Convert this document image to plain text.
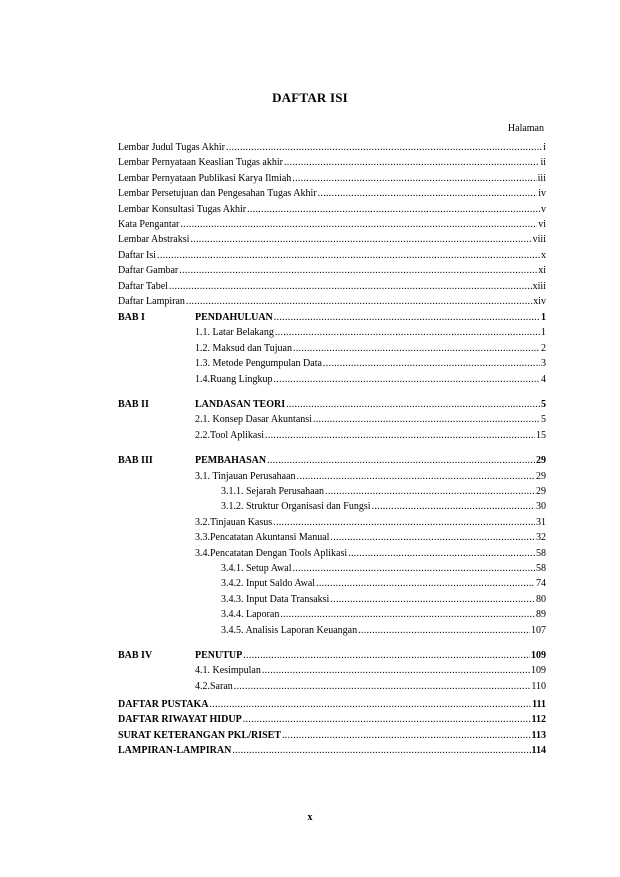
DAFTAR ISI
Halaman
Lembar Judul Tugas Akhir .....	i
Lembar Pernyataan Keaslian Tugas akhir .....	ii
Lembar Pernyataan Publikasi Karya Ilmiah .....	iii
Lembar Persetujuan dan Pengesahan Tugas Akhir .....	iv
Lembar Konsultasi Tugas Akhir .....	v
Kata Pengantar .....	vi
Lembar Abstraksi .....	viii
Daftar Isi .....	x
Daftar Gambar .....	xi
Daftar Tabel .....	xiii
Daftar Lampiran .....	xiv
BAB I	PENDAHULUAN .....	1
1.1. Latar Belakang .....	1
1.2. Maksud dan Tujuan .....	2
1.3. Metode Pengumpulan Data .....	3
1.4.Ruang Lingkup .....	4
BAB II	LANDASAN TEORI .....	5
2.1. Konsep Dasar Akuntansi .....	5
2.2.Tool Aplikasi .....	15
BAB III	PEMBAHASAN .....	29
3.1. Tinjauan Perusahaan .....	29
3.1.1. Sejarah Perusahaan .....	29
3.1.2. Struktur Organisasi dan Fungsi .....	30
3.2.Tinjauan Kasus .....	31
3.3.Pencatatan Akuntansi Manual .....	32
3.4.Pencatatan Dengan Tools Aplikasi .....	58
3.4.1. Setup Awal .....	58
3.4.2. Input Saldo Awal .....	74
3.4.3. Input Data Transaksi .....	80
3.4.4. Laporan .....	89
3.4.5. Analisis Laporan Keuangan .....	107
BAB IV	PENUTUP .....	109
4.1. Kesimpulan .....	109
4.2.Saran .....	110
DAFTAR PUSTAKA .....	111
DAFTAR RIWAYAT HIDUP .....	112
SURAT KETERANGAN PKL/RISET .....	113
LAMPIRAN-LAMPIRAN .....	114
x
